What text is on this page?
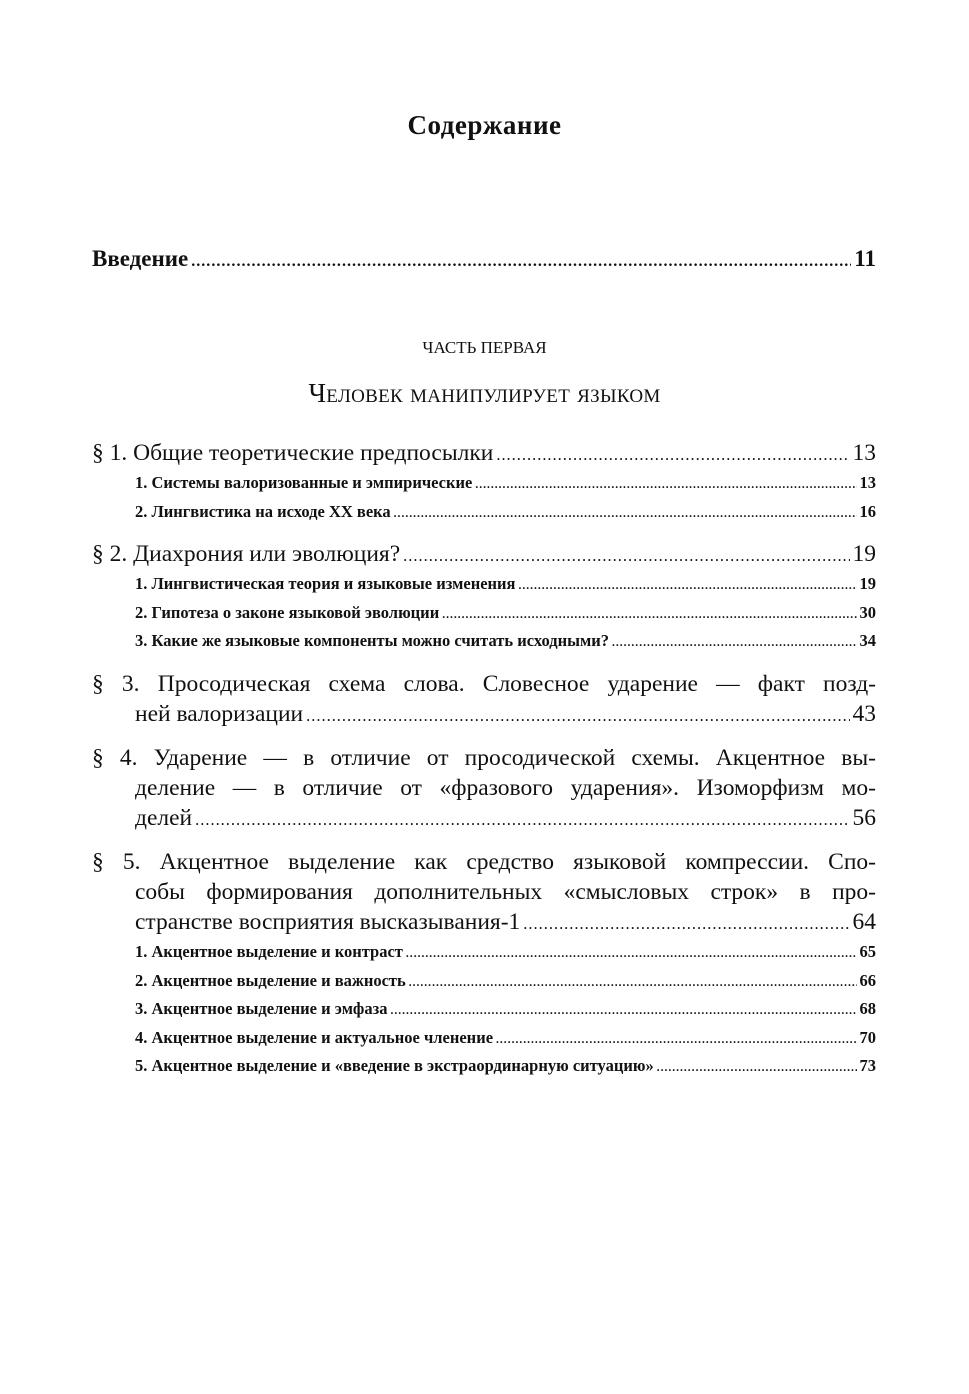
Содержание
Введение .....	11
ЧАСТЬ ПЕРВАЯ
Человек манипулирует языком
§ 1. Общие теоретические предпосылки .....	13
1. Системы валоризованные и эмпирические .....	13
2. Лингвистика на исходе XX века .....	16
§ 2. Диахрония или эволюция? .....	19
1. Лингвистическая теория и языковые изменения .....	19
2. Гипотеза о законе языковой эволюции .....	30
3. Какие же языковые компоненты можно считать исходными? .....	34
§ 3. Просодическая схема слова. Словесное ударение — факт позд-
ней валоризации .....	43
§ 4. Ударение — в отличие от просодической схемы. Акцентное вы-
деление — в отличие от «фразового ударения». Изоморфизм мо-
делей .....	56
§ 5. Акцентное выделение как средство языковой компрессии. Спо-
собы формирования дополнительных «смысловых строк» в про-
странстве восприятия высказывания-1 .....	64
1. Акцентное выделение и контраст .....	65
2. Акцентное выделение и важность .....	66
3. Акцентное выделение и эмфаза .....	68
4. Акцентное выделение и актуальное членение .....	70
5. Акцентное выделение и «введение в экстраординарную ситуацию» .....	73
